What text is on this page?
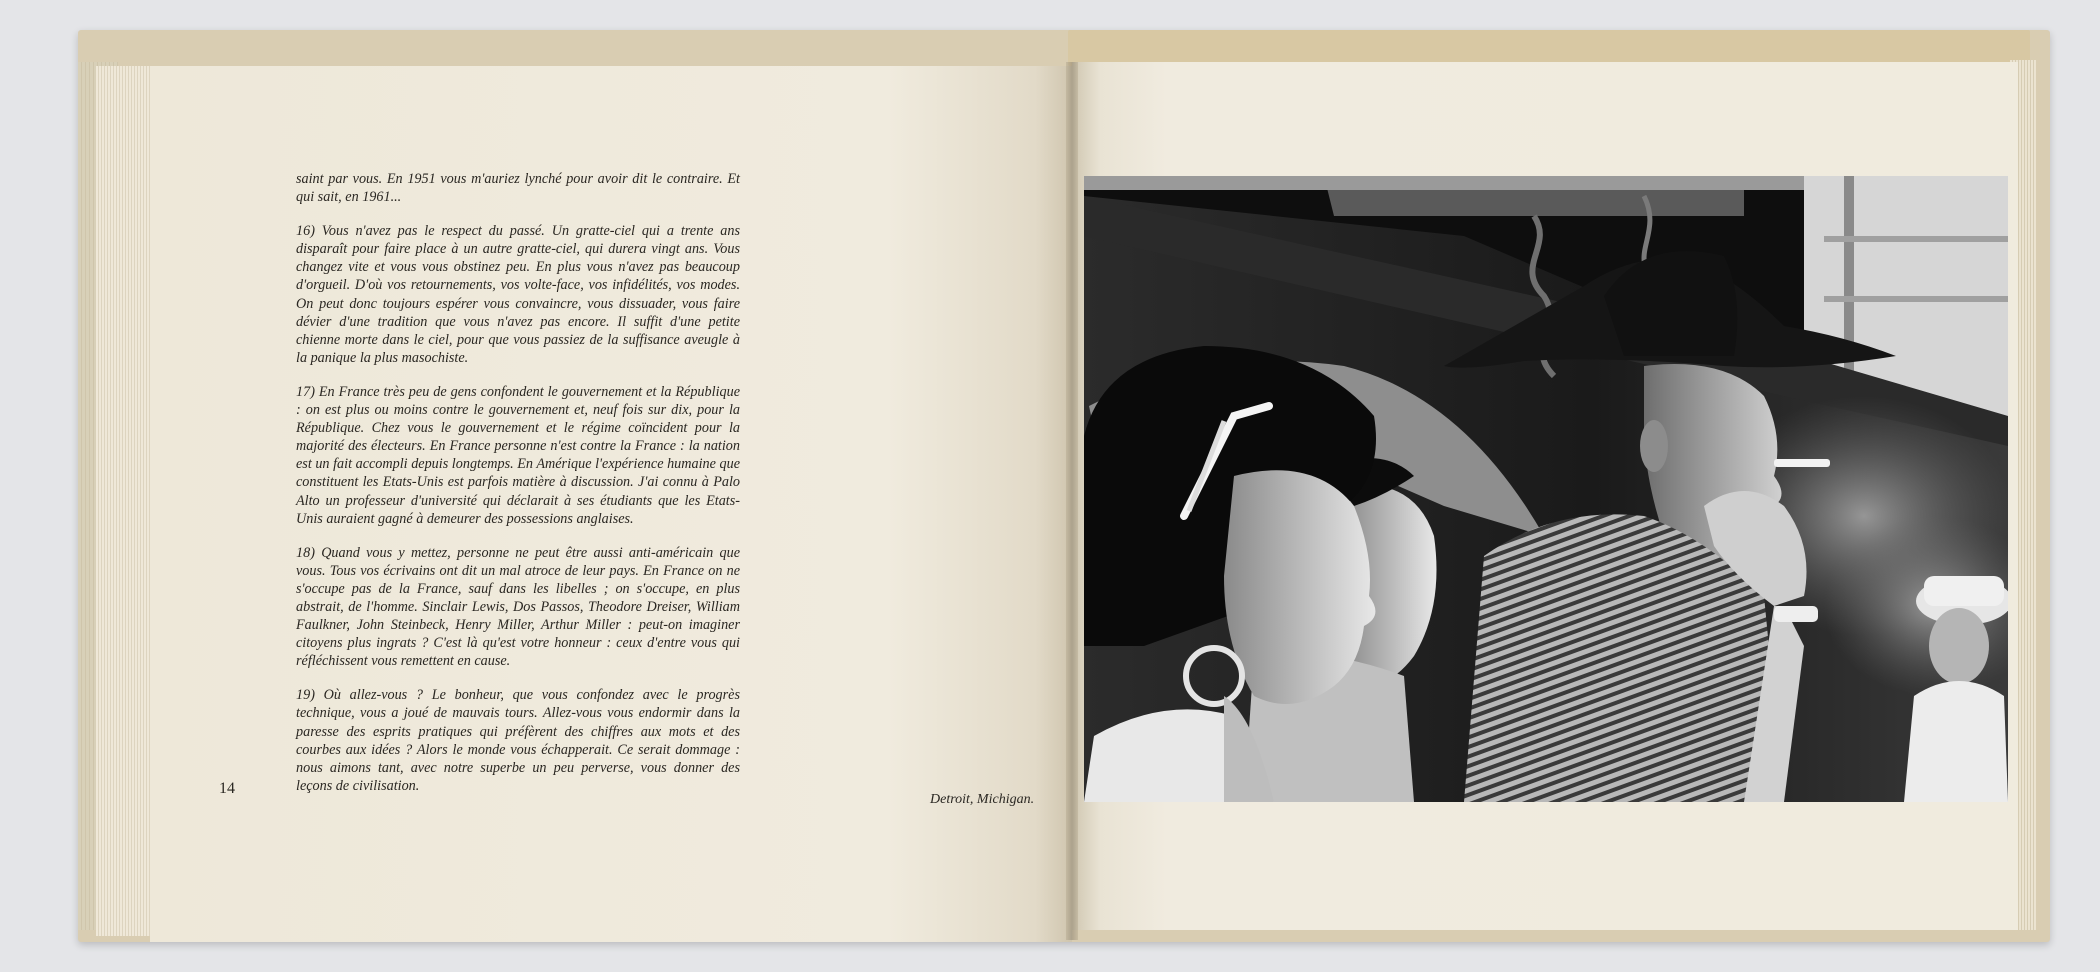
saint par vous. En 1951 vous m'auriez lynché pour avoir dit le contraire. Et qui sait, en 1961...

16) Vous n'avez pas le respect du passé. Un gratte-ciel qui a trente ans disparaît pour faire place à un autre gratte-ciel, qui durera vingt ans. Vous changez vite et vous vous obstinez peu. En plus vous n'avez pas beaucoup d'orgueil. D'où vos retournements, vos volte-face, vos infidélités, vos modes. On peut donc toujours espérer vous convaincre, vous dissuader, vous faire dévier d'une tradition que vous n'avez pas encore. Il suffit d'une petite chienne morte dans le ciel, pour que vous passiez de la suffisance aveugle à la panique la plus masochiste.

17) En France très peu de gens confondent le gouvernement et la République : on est plus ou moins contre le gouvernement et, neuf fois sur dix, pour la République. Chez vous le gouvernement et le régime coïncident pour la majorité des électeurs. En France personne n'est contre la France : la nation est un fait accompli depuis longtemps. En Amérique l'expérience humaine que constituent les Etats-Unis est parfois matière à discussion. J'ai connu à Palo Alto un professeur d'université qui déclarait à ses étudiants que les Etats-Unis auraient gagné à demeurer des possessions anglaises.

18) Quand vous y mettez, personne ne peut être aussi anti-américain que vous. Tous vos écrivains ont dit un mal atroce de leur pays. En France on ne s'occupe pas de la France, sauf dans les libelles ; on s'occupe, en plus abstrait, de l'homme. Sinclair Lewis, Dos Passos, Theodore Dreiser, William Faulkner, John Steinbeck, Henry Miller, Arthur Miller : peut-on imaginer citoyens plus ingrats ? C'est là qu'est votre honneur : ceux d'entre vous qui réfléchissent vous remettent en cause.

19) Où allez-vous ? Le bonheur, que vous confondez avec le progrès technique, vous a joué de mauvais tours. Allez-vous vous endormir dans la paresse des esprits pratiques qui préfèrent des chiffres aux mots et des courbes aux idées ? Alors le monde vous échapperait. Ce serait dommage : nous aimons tant, avec notre superbe un peu perverse, vous donner des leçons de civilisation.

14
Detroit, Michigan.
